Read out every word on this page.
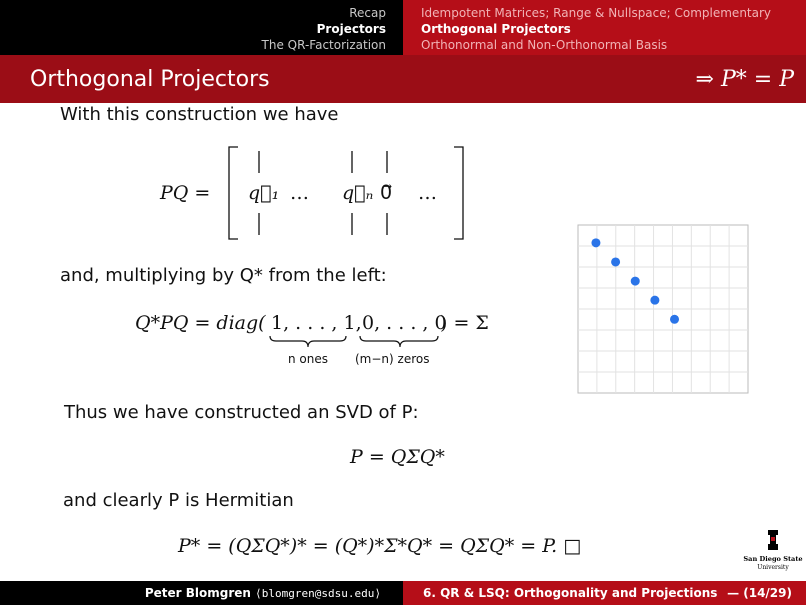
Recap
Projectors
The QR-Factorization
Idempotent Matrices; Range & Nullspace; Complementary
Orthogonal Projectors
Orthonormal and Non-Orthonormal Basis
Orthogonal Projectors	⇒ P* = P
With this construction we have
PQ = q⃗₁ … q⃗ₙ 0⃗ …
and, multiplying by Q* from the left:
Q*PQ = diag( 1, . . . , 1, 0, . . . , 0
) = Σ
n ones (m−n) zeros
Thus we have constructed an SVD of P:
P = QΣQ*
and clearly P is Hermitian
P* = (QΣQ*)* = (Q*)*Σ*Q* = QΣQ* = P. □
San Diego State
University
Peter Blomgren ⟨blomgren@sdsu.edu⟩	6. QR & LSQ: Orthogonality and Projections — (14/29)
